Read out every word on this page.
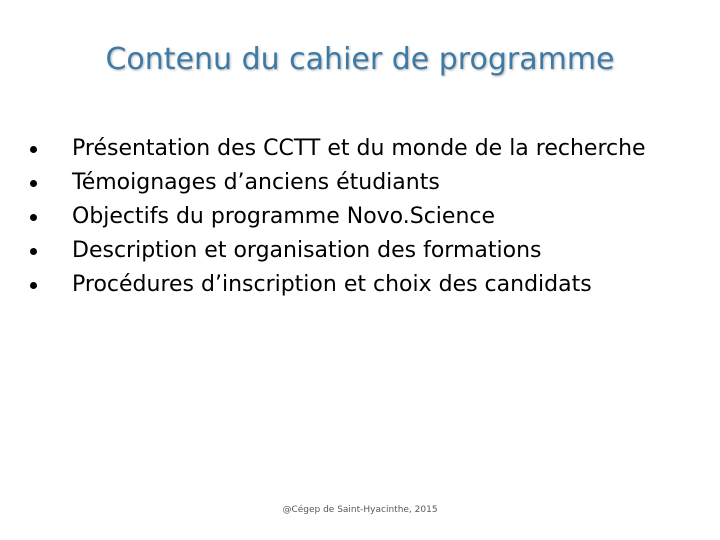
Contenu du cahier de programme
Présentation des CCTT et du monde de la recherche
Témoignages d’anciens étudiants
Objectifs du programme Novo.Science
Description et organisation des formations
Procédures d’inscription et choix des candidats
@Cégep de Saint-Hyacinthe, 2015
